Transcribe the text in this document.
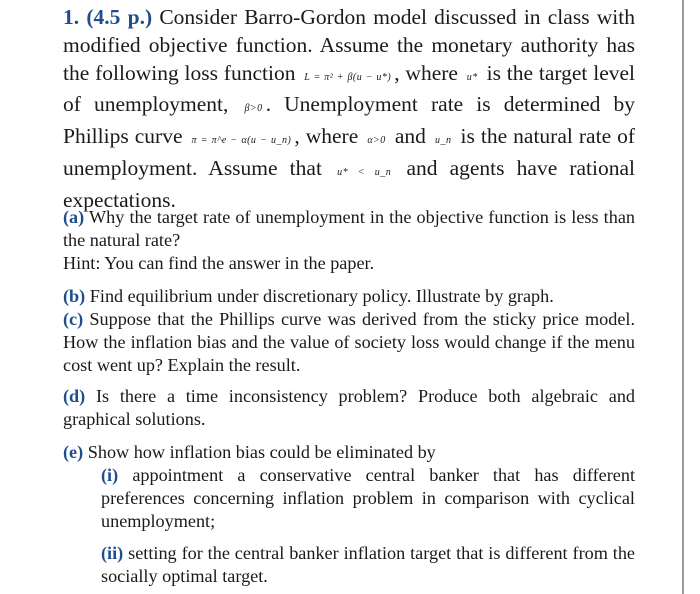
1. (4.5 p.) Consider Barro-Gordon model discussed in class with modified objective function. Assume the monetary authority has the following loss function L = π² + β(u − u*) , where u* is the target level of unemployment, β>0 . Unemployment rate is determined by Phillips curve π = π^e − α(u − u_n) , where α>0 and u_n is the natural rate of unemployment. Assume that u* < u_n and agents have rational expectations.

(a) Why the target rate of unemployment in the objective function is less than the natural rate?

Hint: You can find the answer in the paper.

(b) Find equilibrium under discretionary policy. Illustrate by graph.

(c) Suppose that the Phillips curve was derived from the sticky price model. How the inflation bias and the value of society loss would change if the menu cost went up? Explain the result.

(d) Is there a time inconsistency problem? Produce both algebraic and graphical solutions.

(e) Show how inflation bias could be eliminated by

(i) appointment a conservative central banker that has different preferences concerning inflation problem in comparison with cyclical unemployment;

(ii) setting for the central banker inflation target that is different from the socially optimal target.
